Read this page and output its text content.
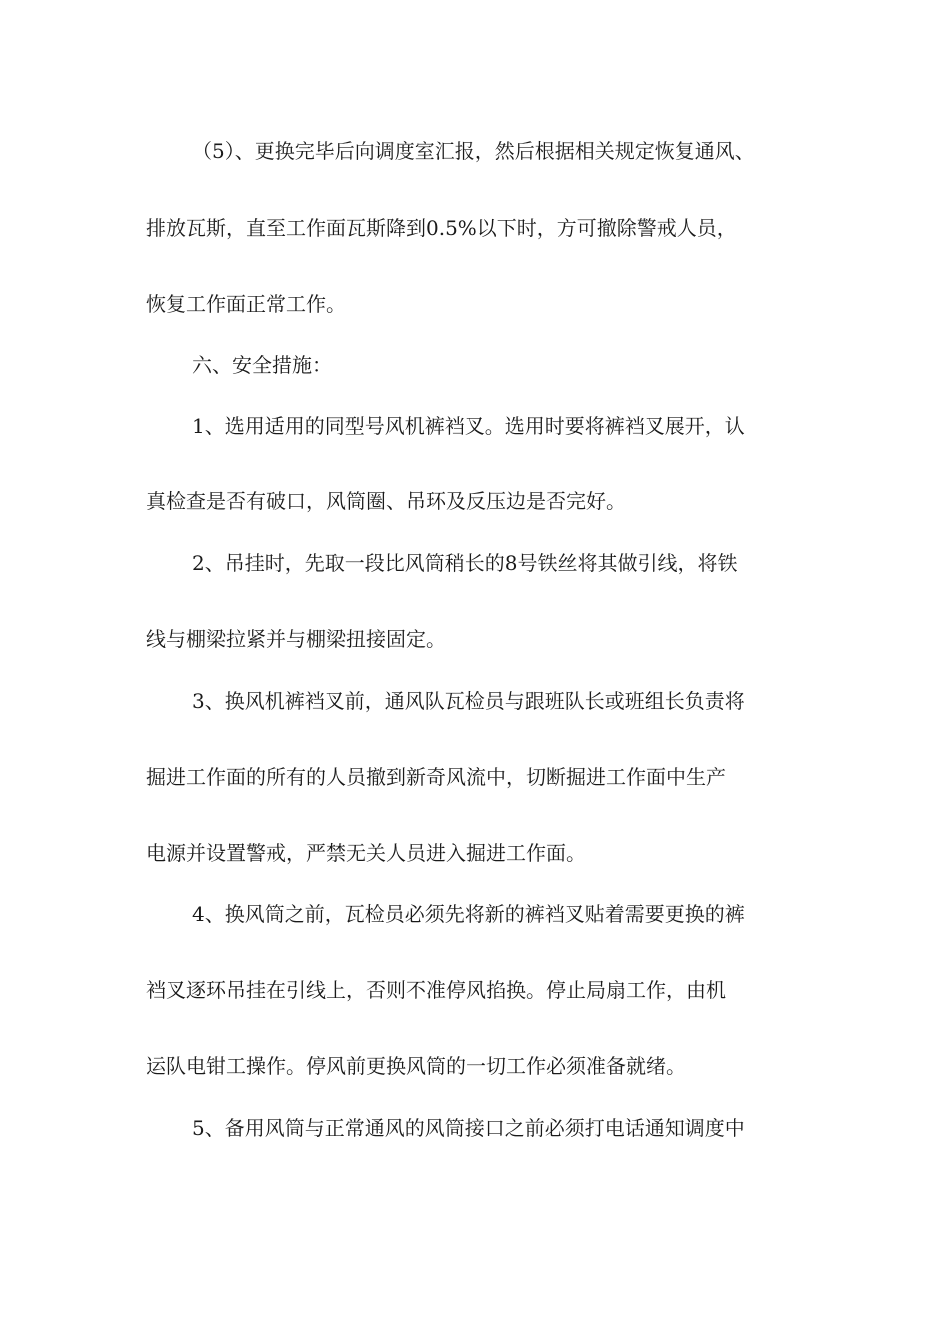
（5）、更换完毕后向调度室汇报，然后根据相关规定恢复通风、
排放瓦斯，直至工作面瓦斯降到0.5%以下时，方可撤除警戒人员，
恢复工作面正常工作。
六、安全措施：
1、选用适用的同型号风机裤裆叉。选用时要将裤裆叉展开，认
真检查是否有破口，风筒圈、吊环及反压边是否完好。
2、吊挂时，先取一段比风筒稍长的8号铁丝将其做引线，将铁
线与棚梁拉紧并与棚梁扭接固定。
3、换风机裤裆叉前，通风队瓦检员与跟班队长或班组长负责将
掘进工作面的所有的人员撤到新奇风流中，切断掘进工作面中生产
电源并设置警戒，严禁无关人员进入掘进工作面。
4、换风筒之前，瓦检员必须先将新的裤裆叉贴着需要更换的裤
裆叉逐环吊挂在引线上，否则不准停风掐换。停止局扇工作，由机
运队电钳工操作。停风前更换风筒的一切工作必须准备就绪。
5、备用风筒与正常通风的风筒接口之前必须打电话通知调度中
